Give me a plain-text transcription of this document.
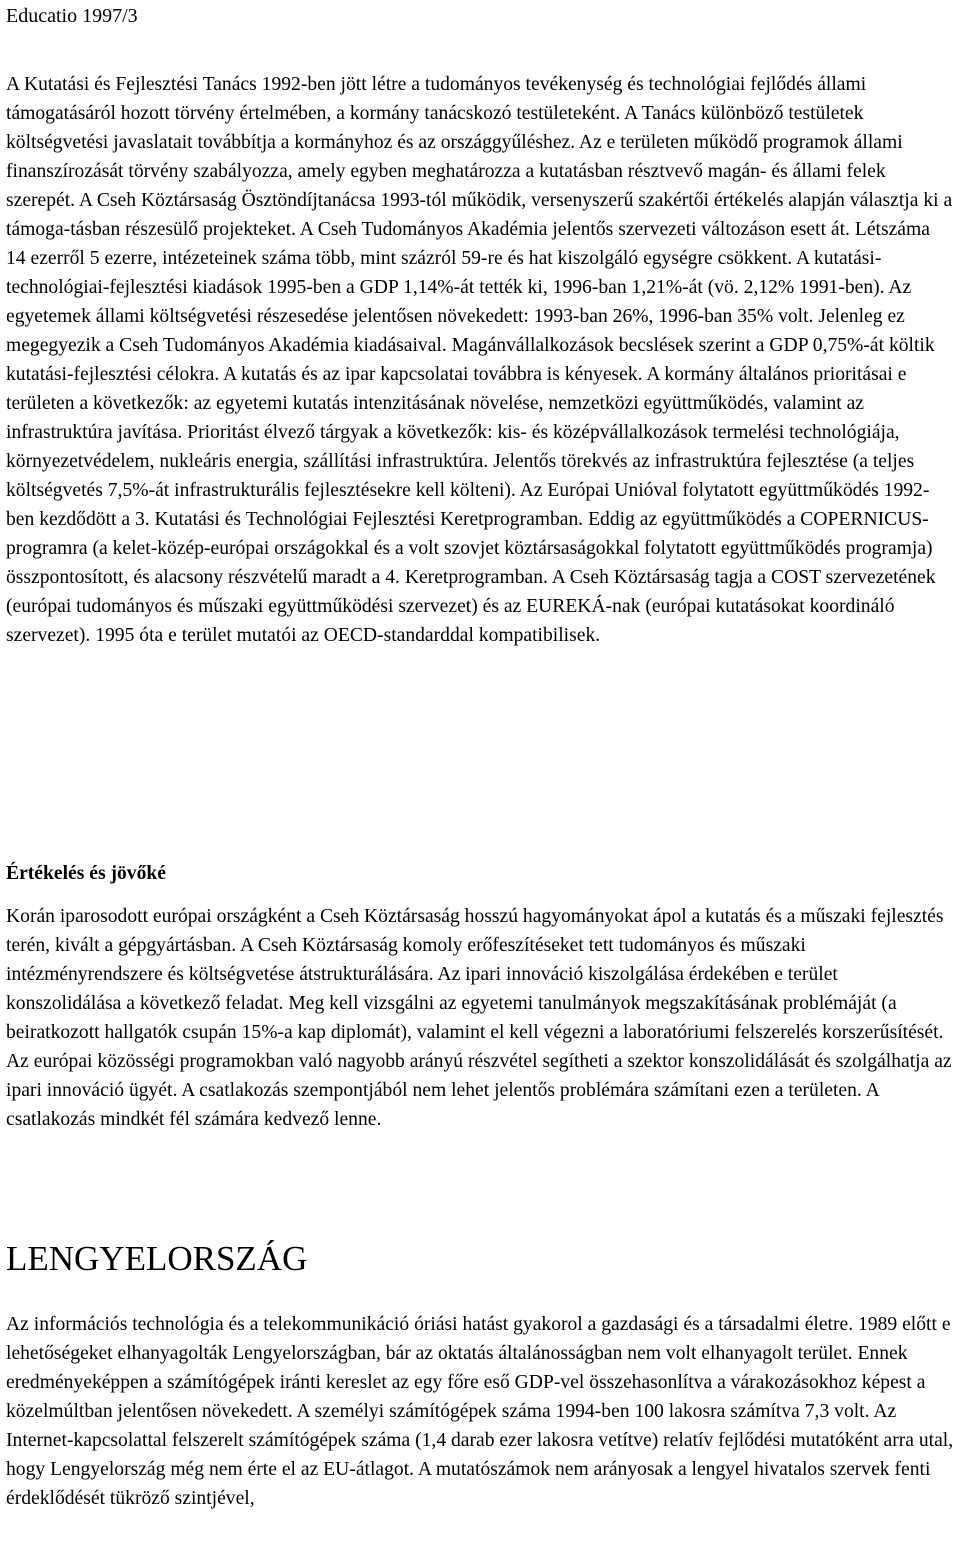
Educatio 1997/3

A Kutatási és Fejlesztési Tanács 1992-ben jött létre a tudományos tevékenység és technológiai fejlődés állami támogatásáról hozott törvény értelmében, a kormány tanácskozó testületeként. A Tanács különböző testületek költségvetési javaslatait továbbítja a kormányhoz és az országgyűléshez. Az e területen működő programok állami finanszírozását törvény szabályozza, amely egyben meghatározza a kutatásban résztvevő magán- és állami felek szerepét. A Cseh Köztársaság Ösztöndíjtanácsa 1993-tól működik, versenyszerű szakértői értékelés alapján választja ki a támoga-tásban részesülő projekteket. A Cseh Tudományos Akadémia jelentős szervezeti változáson esett át. Létszáma 14 ezerről 5 ezerre, intézeteinek száma több, mint százról 59-re és hat kiszolgáló egységre csökkent. A kutatási-technológiai-fejlesztési kiadások 1995-ben a GDP 1,14%-át tették ki, 1996-ban 1,21%-át (vö. 2,12% 1991-ben). Az egyetemek állami költségvetési részesedése jelentősen növekedett: 1993-ban 26%, 1996-ban 35% volt. Jelenleg ez megegyezik a Cseh Tudományos Akadémia kiadásaival. Magánvállalkozások becslések szerint a GDP 0,75%-át költik kutatási-fejlesztési célokra. A kutatás és az ipar kapcsolatai továbbra is kényesek. A kormány általános prioritásai e területen a következők: az egyetemi kutatás intenzitásának növelése, nemzetközi együttműködés, valamint az infrastruktúra javítása. Prioritást élvező tárgyak a következők: kis- és középvállalkozások termelési technológiája, környezetvédelem, nukleáris energia, szállítási infrastruktúra. Jelentős törekvés az infrastruktúra fejlesztése (a teljes költségvetés 7,5%-át infrastrukturális fejlesztésekre kell költeni). Az Európai Unióval folytatott együttműködés 1992-ben kezdődött a 3. Kutatási és Technológiai Fejlesztési Keretprogramban. Eddig az együttműködés a COPERNICUS-programra (a kelet-közép-európai országokkal és a volt szovjet köztársaságokkal folytatott együttműködés programja) összpontosított, és alacsony részvételű maradt a 4. Keretprogramban. A Cseh Köztársaság tagja a COST szervezetének (európai tudományos és műszaki együttműködési szervezet) és az EUREKÁ-nak (európai kutatásokat koordináló szervezet). 1995 óta e terület mutatói az OECD-standarddal kompatibilisek.

Értékelés és jövőké

Korán iparosodott európai országként a Cseh Köztársaság hosszú hagyományokat ápol a kutatás és a műszaki fejlesztés terén, kivált a gépgyártásban. A Cseh Köztársaság komoly erőfeszítéseket tett tudományos és műszaki intézményrendszere és költségvetése átstrukturálására. Az ipari innováció kiszolgálása érdekében e terület konszolidálása a következő feladat. Meg kell vizsgálni az egyetemi tanulmányok megszakításának problémáját (a beiratkozott hallgatók csupán 15%-a kap diplomát), valamint el kell végezni a laboratóriumi felszerelés korszerűsítését. Az európai közösségi programokban való nagyobb arányú részvétel segítheti a szektor konszolidálását és szolgálhatja az ipari innováció ügyét. A csatlakozás szempontjából nem lehet jelentős problémára számítani ezen a területen. A csatlakozás mindkét fél számára kedvező lenne.

LENGYELORSZÁG

Az információs technológia és a telekommunikáció óriási hatást gyakorol a gazdasági és a társadalmi életre. 1989 előtt e lehetőségeket elhanyagolták Lengyelországban, bár az oktatás általánosságban nem volt elhanyagolt terület. Ennek eredményeképpen a számítógépek iránti kereslet az egy főre eső GDP-vel összehasonlítva a várakozásokhoz képest a közelmúltban jelentősen növekedett. A személyi számítógépek száma 1994-ben 100 lakosra számítva 7,3 volt. Az Internet-kapcsolattal felszerelt számítógépek száma (1,4 darab ezer lakosra vetítve) relatív fejlődési mutatóként arra utal, hogy Lengyelország még nem érte el az EU-átlagot. A mutatószámok nem arányosak a lengyel hivatalos szervek fenti érdeklődését tükröző szintjével,
